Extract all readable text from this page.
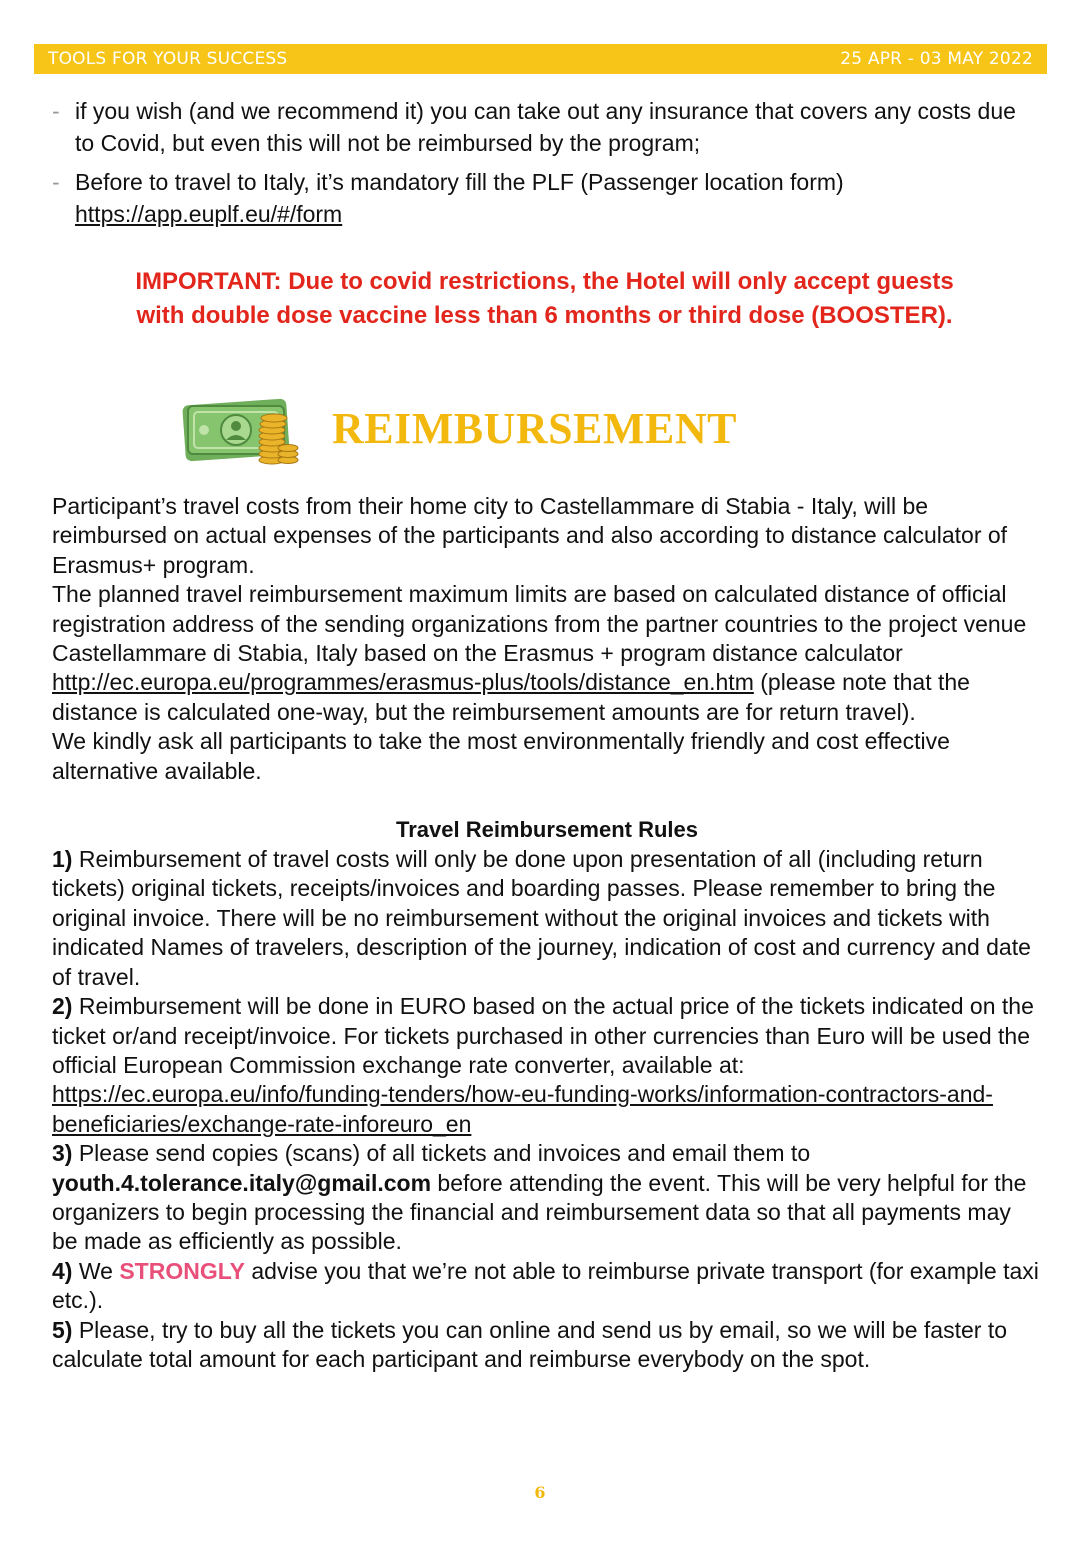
TOOLS FOR YOUR SUCCESS	25 APR - 03 MAY 2022
- if you wish (and we recommend it) you can take out any insurance that covers any costs due to Covid, but even this will not be reimbursed by the program;
- Before to travel to Italy, it’s mandatory fill the PLF (Passenger location form) https://app.euplf.eu/#/form
IMPORTANT: Due to covid restrictions, the Hotel will only accept guests
with double dose vaccine less than 6 months or third dose (BOOSTER).
REIMBURSEMENT
Participant’s travel costs from their home city to Castellammare di Stabia - Italy, will be reimbursed on actual expenses of the participants and also according to distance calculator of Erasmus+ program.
The planned travel reimbursement maximum limits are based on calculated distance of official registration address of the sending organizations from the partner countries to the project venue Castellammare di Stabia, Italy based on the Erasmus + program distance calculator http://ec.europa.eu/programmes/erasmus-plus/tools/distance_en.htm (please note that the distance is calculated one-way, but the reimbursement amounts are for return travel).
We kindly ask all participants to take the most environmentally friendly and cost effective alternative available.
Travel Reimbursement Rules
1) Reimbursement of travel costs will only be done upon presentation of all (including return tickets) original tickets, receipts/invoices and boarding passes. Please remember to bring the original invoice. There will be no reimbursement without the original invoices and tickets with indicated Names of travelers, description of the journey, indication of cost and currency and date of travel.
2) Reimbursement will be done in EURO based on the actual price of the tickets indicated on the ticket or/and receipt/invoice. For tickets purchased in other currencies than Euro will be used the official European Commission exchange rate converter, available at: https://ec.europa.eu/info/funding-tenders/how-eu-funding-works/information-contractors-and-beneficiaries/exchange-rate-inforeuro_en
3) Please send copies (scans) of all tickets and invoices and email them to youth.4.tolerance.italy@gmail.com before attending the event. This will be very helpful for the organizers to begin processing the financial and reimbursement data so that all payments may be made as efficiently as possible.
4) We STRONGLY advise you that we’re not able to reimburse private transport (for example taxi etc.).
5) Please, try to buy all the tickets you can online and send us by email, so we will be faster to calculate total amount for each participant and reimburse everybody on the spot.
6
